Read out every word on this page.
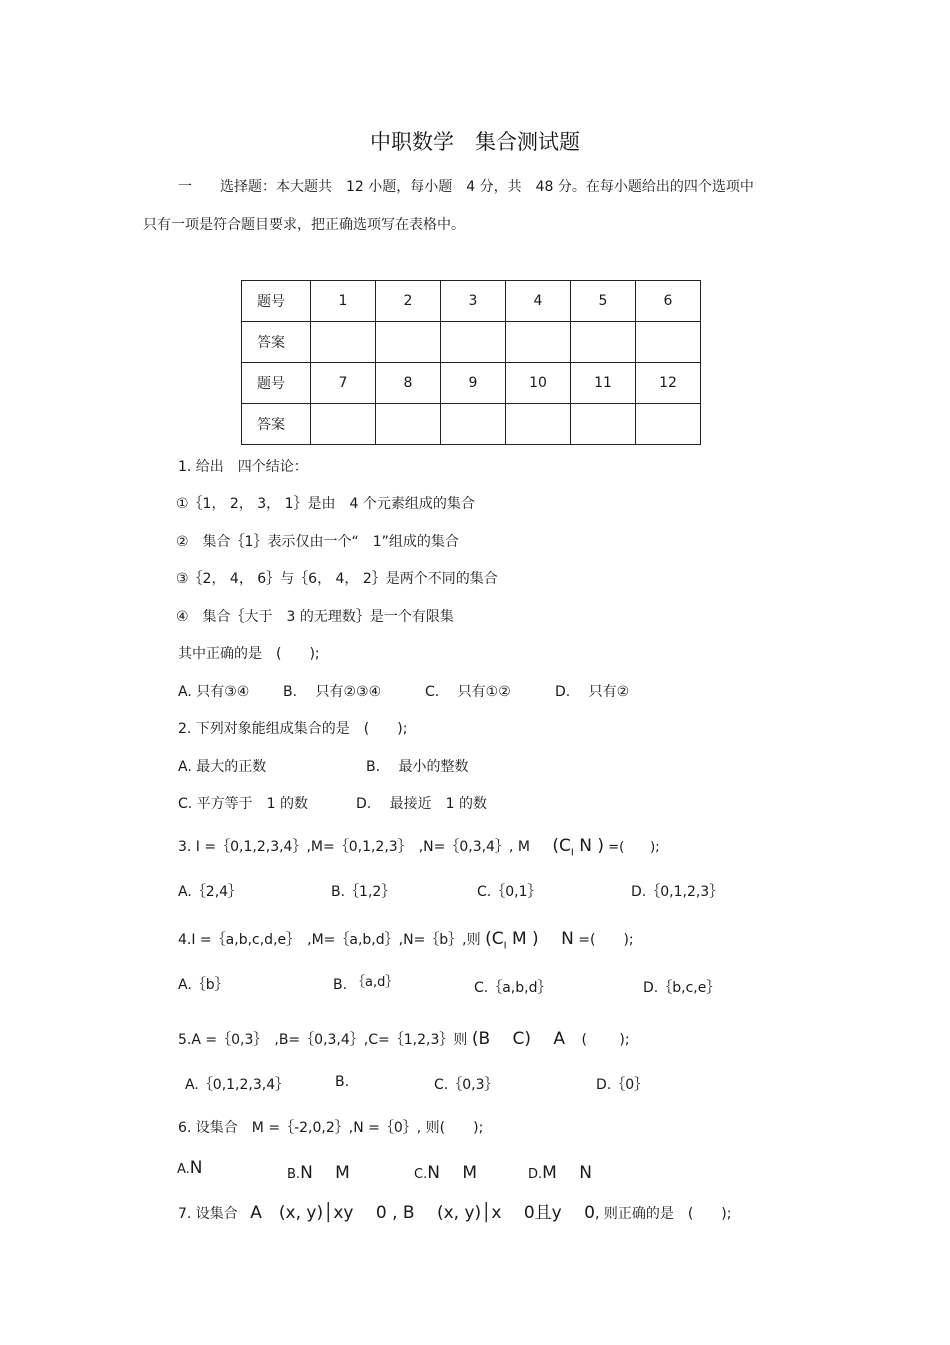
中职数学　集合测试题
一　　选择题：本大题共　12 小题，每小题　4 分，共　48 分。在每小题给出的四个选项中
只有一项是符合题目要求，把正确选项写在表格中。
题号	1	2	3	4	5	6
答案						
题号	7	8	9	10	11	12
答案						
1. 给出　四个结论：
①｛1， 2， 3， 1｝是由　4 个元素组成的集合
②　集合｛1｝表示仅由一个“　1”组成的集合
③｛2， 4， 6｝与｛6， 4， 2｝是两个不同的集合
④　集合｛大于　3 的无理数｝是一个有限集
其中正确的是　(　　);
A. 只有③④ B.　 只有②③④	C.　 只有①②	D.　 只有②
2. 下列对象能组成集合的是　(　　);
A. 最大的正数	B.　 最小的整数
C. 平方等于　1 的数	D.　 最接近　1 的数
3. I =｛0,1,2,3,4｝,M=｛0,1,2,3｝　,N=｛0,3,4｝, M ($C_I$ N ) =(　　);
A.｛2,4｝	B.｛1,2｝	C.｛0,1｝	D.｛0,1,2,3｝
4.I =｛a,b,c,d,e｝　,M=｛a,b,d｝,N=｛b｝,则 ($C_I$ M )　 N =(　　);
A.｛b｝	B. ｛a,d｝	C.｛a,b,d｝	D.｛b,c,e｝
5.A =｛0,3｝　,B=｛0,3,4｝,C=｛1,2,3｝则 (B　 C)　 A (　　 );
A.｛0,1,2,3,4｝	B.	C.｛0,3｝	D.｛0｝
6. 设集合　M =｛-2,0,2｝,N =｛0｝, 则(　　);
A.N	B.N　 M	C.N　 M	D.M　 N
7. 设集合 A　(x, y)│xy　 0 , B　 (x, y)│x　 0且y　 0, 则正确的是　(　　);
